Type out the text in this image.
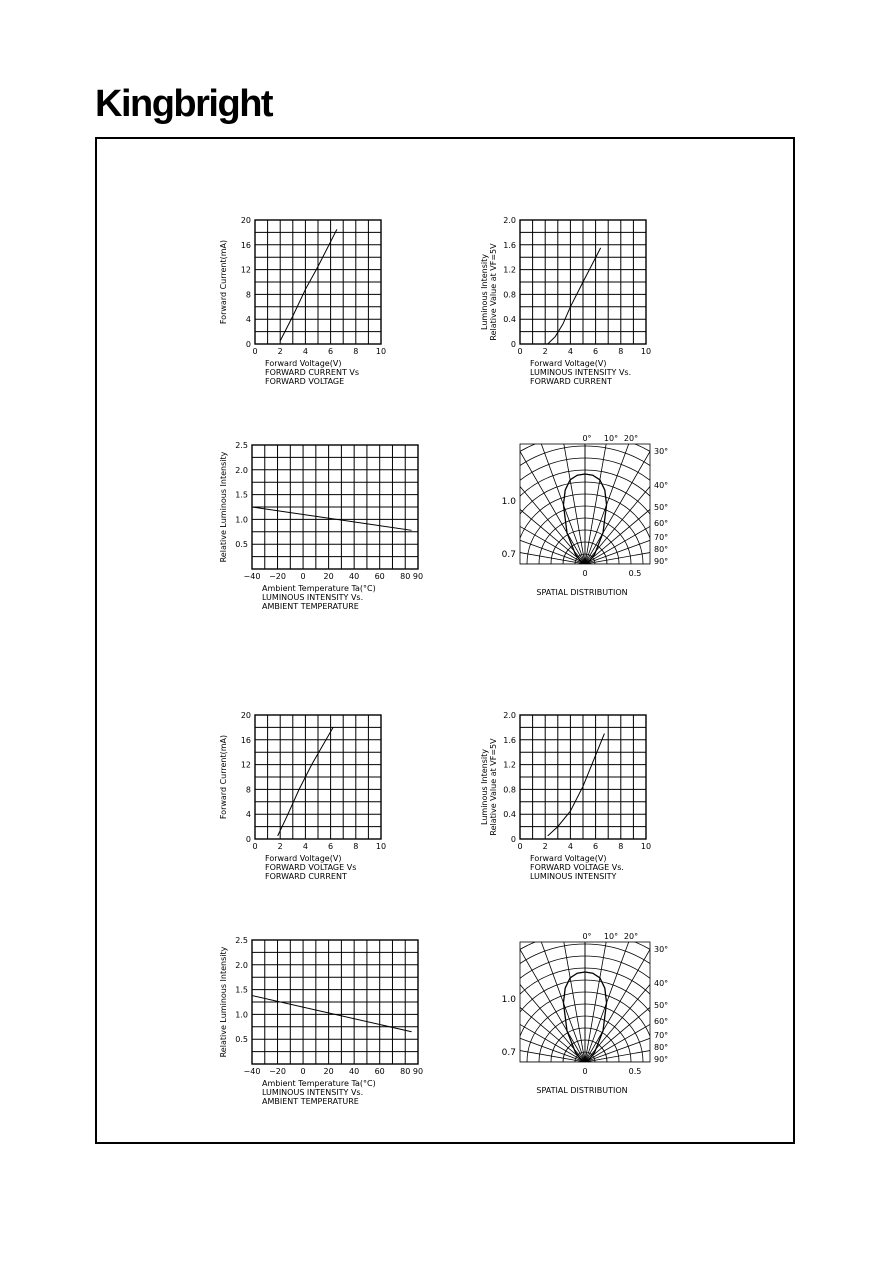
Kingbright
0	2	4	6	8 10
0
4
8
12
16
20
Forward Current(mA)
Forward Voltage(V)
FORWARD CURRENT Vs
FORWARD VOLTAGE
0	2	4	6	8 10
0
0.4
0.8
1.2
1.6
2.0
Luminous Intensity Relative Value at VF=5V
Forward Voltage(V)
LUMINOUS INTENSITY Vs.
FORWARD CURRENT
−40 −20 0 20 40 60 80 90
0.5
1.0
1.5
2.0
2.5
Relative Luminous Intensity
Ambient Temperature Ta(°C)
LUMINOUS INTENSITY Vs.
AMBIENT TEMPERATURE
0° 10° 20°
30°
40°
50°
60°
70°
80°
90°
1.0
0.7
0	0.5
SPATIAL DISTRIBUTION
0	2	4	6	8 10
0
4
8
12
16
20
Forward Current(mA)
Forward Voltage(V)
FORWARD VOLTAGE Vs
FORWARD CURRENT
0	2	4	6	8 10
0
0.4
0.8
1.2
1.6
2.0
Luminous Intensity Relative Value at VF=5V
Forward Voltage(V)
FORWARD VOLTAGE Vs.
LUMINOUS INTENSITY
−40 −20 0 20 40 60 80 90
0.5
1.0
1.5
2.0
2.5
Relative Luminous Intensity
Ambient Temperature Ta(°C)
LUMINOUS INTENSITY Vs.
AMBIENT TEMPERATURE
0° 10° 20°
30°
40°
50°
60°
70°
80°
90°
1.0
0.7
0	0.5
SPATIAL DISTRIBUTION
